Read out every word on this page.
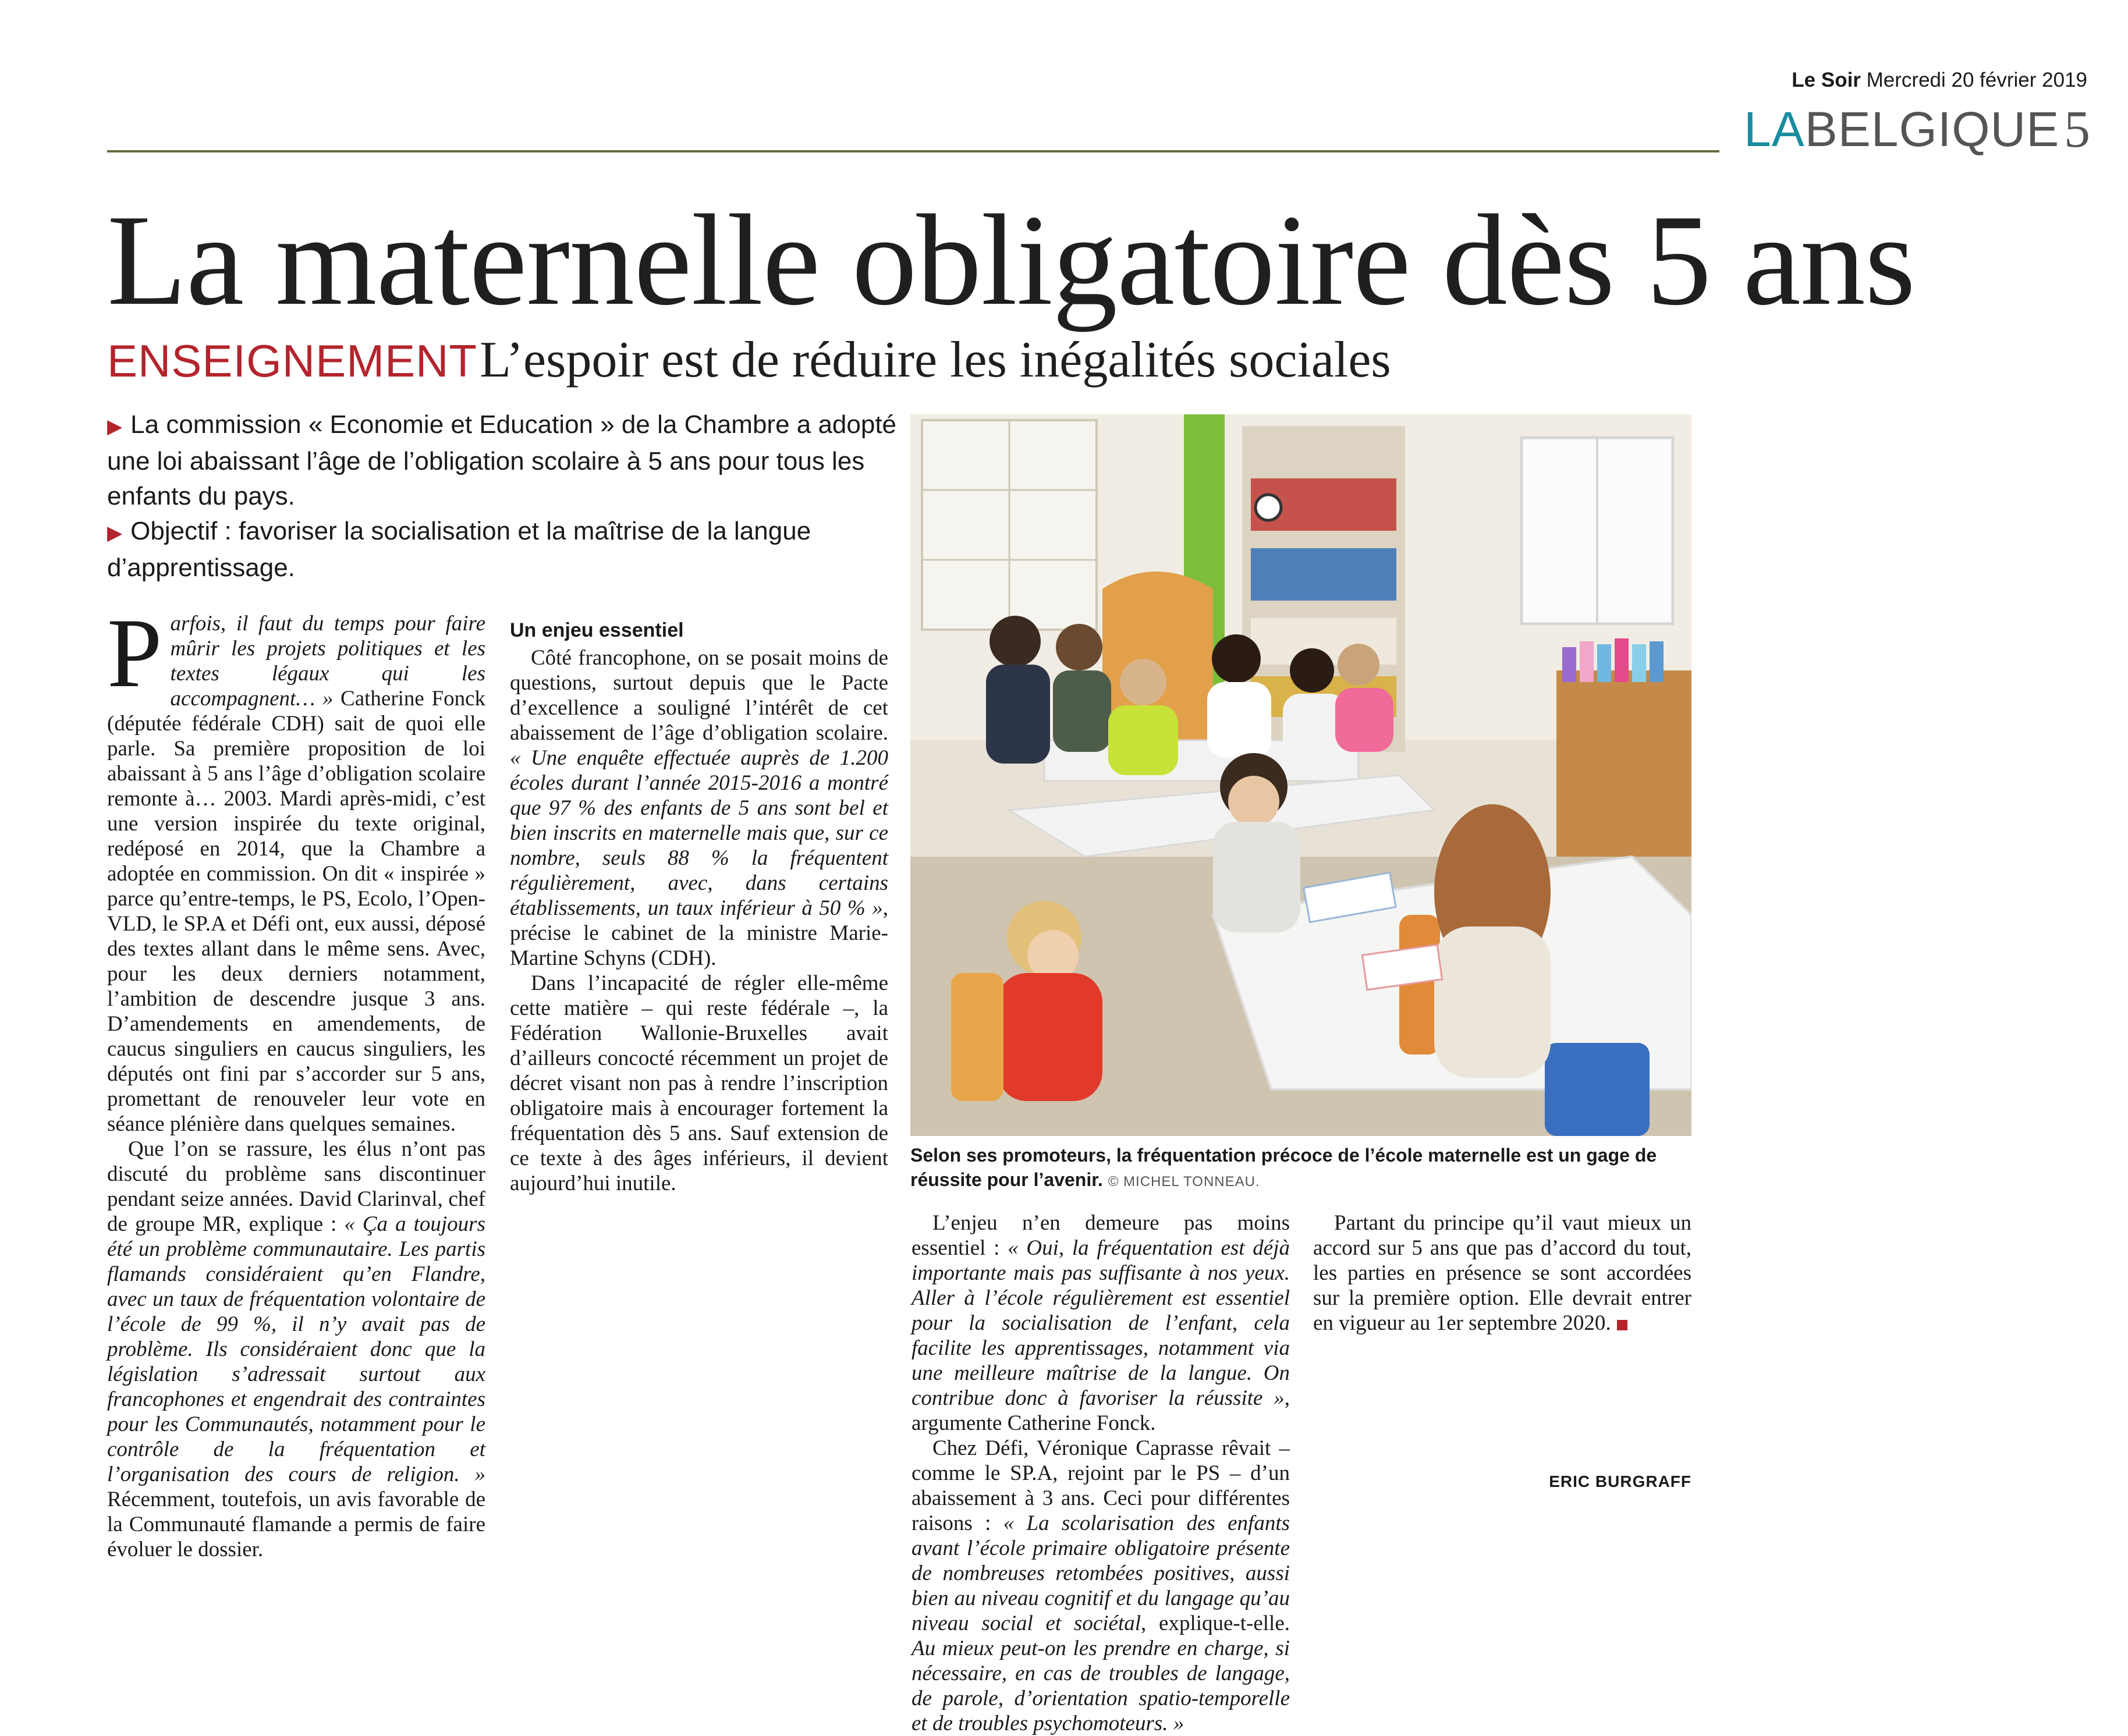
Le Soir Mercredi 20 février 2019
LABELGIQUE 5
La maternelle obligatoire dès 5 ans
ENSEIGNEMENT L’espoir est de réduire les inégalités sociales

▶ La commission « Economie et Education » de la Chambre a adopté une loi abaissant l’âge de l’obligation scolaire à 5 ans pour tous les enfants du pays.

▶ Objectif : favoriser la socialisation et la maîtrise de la langue d’apprentissage.

Parfois, il faut du temps pour faire mûrir les projets politiques et les textes légaux qui les accompagnent… » Catherine Fonck (députée fédérale CDH) sait de quoi elle parle. Sa première proposition de loi abaissant à 5 ans l’âge d’obligation scolaire remonte à… 2003. Mardi après-midi, c’est une version inspirée du texte original, redéposé en 2014, que la Chambre a adoptée en commission. On dit « inspirée » parce qu’entre-temps, le PS, Ecolo, l’Open-VLD, le SP.A et Défi ont, eux aussi, déposé des textes allant dans le même sens. Avec, pour les deux derniers notamment, l’ambition de descendre jusque 3 ans. D’amendements en amendements, de caucus singuliers en caucus singuliers, les députés ont fini par s’accorder sur 5 ans, promettant de renouveler leur vote en séance plénière dans quelques semaines.

Que l’on se rassure, les élus n’ont pas discuté du problème sans discontinuer pendant seize années. David Clarinval, chef de groupe MR, explique : « Ça a toujours été un problème communautaire. Les partis flamands considéraient qu’en Flandre, avec un taux de fréquentation volontaire de l’école de 99 %, il n’y avait pas de problème. Ils considéraient donc que la législation s’adressait surtout aux francophones et engendrait des contraintes pour les Communautés, notamment pour le contrôle de la fréquentation et l’organisation des cours de religion. » Récemment, toutefois, un avis favorable de la Communauté flamande a permis de faire évoluer le dossier.

Un enjeu essentiel

Côté francophone, on se posait moins de questions, surtout depuis que le Pacte d’excellence a souligné l’intérêt de cet abaissement de l’âge d’obligation scolaire. « Une enquête effectuée auprès de 1.200 écoles durant l’année 2015-2016 a montré que 97 % des enfants de 5 ans sont bel et bien inscrits en maternelle mais que, sur ce nombre, seuls 88 % la fréquentent régulièrement, avec, dans certains établissements, un taux inférieur à 50 % », précise le cabinet de la ministre Marie-Martine Schyns (CDH).

Dans l’incapacité de régler elle-même cette matière – qui reste fédérale –, la Fédération Wallonie-Bruxelles avait d’ailleurs concocté récemment un projet de décret visant non pas à rendre l’inscription obligatoire mais à encourager fortement la fréquentation dès 5 ans. Sauf extension de ce texte à des âges inférieurs, il devient aujourd’hui inutile.

Selon ses promoteurs, la fréquentation précoce de l’école maternelle est un gage de réussite pour l’avenir. © MICHEL TONNEAU.

L’enjeu n’en demeure pas moins essentiel : « Oui, la fréquentation est déjà importante mais pas suffisante à nos yeux. Aller à l’école régulièrement est essentiel pour la socialisation de l’enfant, cela facilite les apprentissages, notamment via une meilleure maîtrise de la langue. On contribue donc à favoriser la réussite », argumente Catherine Fonck.

Chez Défi, Véronique Caprasse rêvait – comme le SP.A, rejoint par le PS – d’un abaissement à 3 ans. Ceci pour différentes raisons : « La scolarisation des enfants avant l’école primaire obligatoire présente de nombreuses retombées positives, aussi bien au niveau cognitif et du langage qu’au niveau social et sociétal, explique-t-elle. Au mieux peut-on les prendre en charge, si nécessaire, en cas de troubles de langage, de parole, d’orientation spatio-temporelle et de troubles psychomoteurs. »

Partant du principe qu’il vaut mieux un accord sur 5 ans que pas d’accord du tout, les parties en présence se sont accordées sur la première option. Elle devrait entrer en vigueur au 1er septembre 2020.

ERIC BURGRAFF
